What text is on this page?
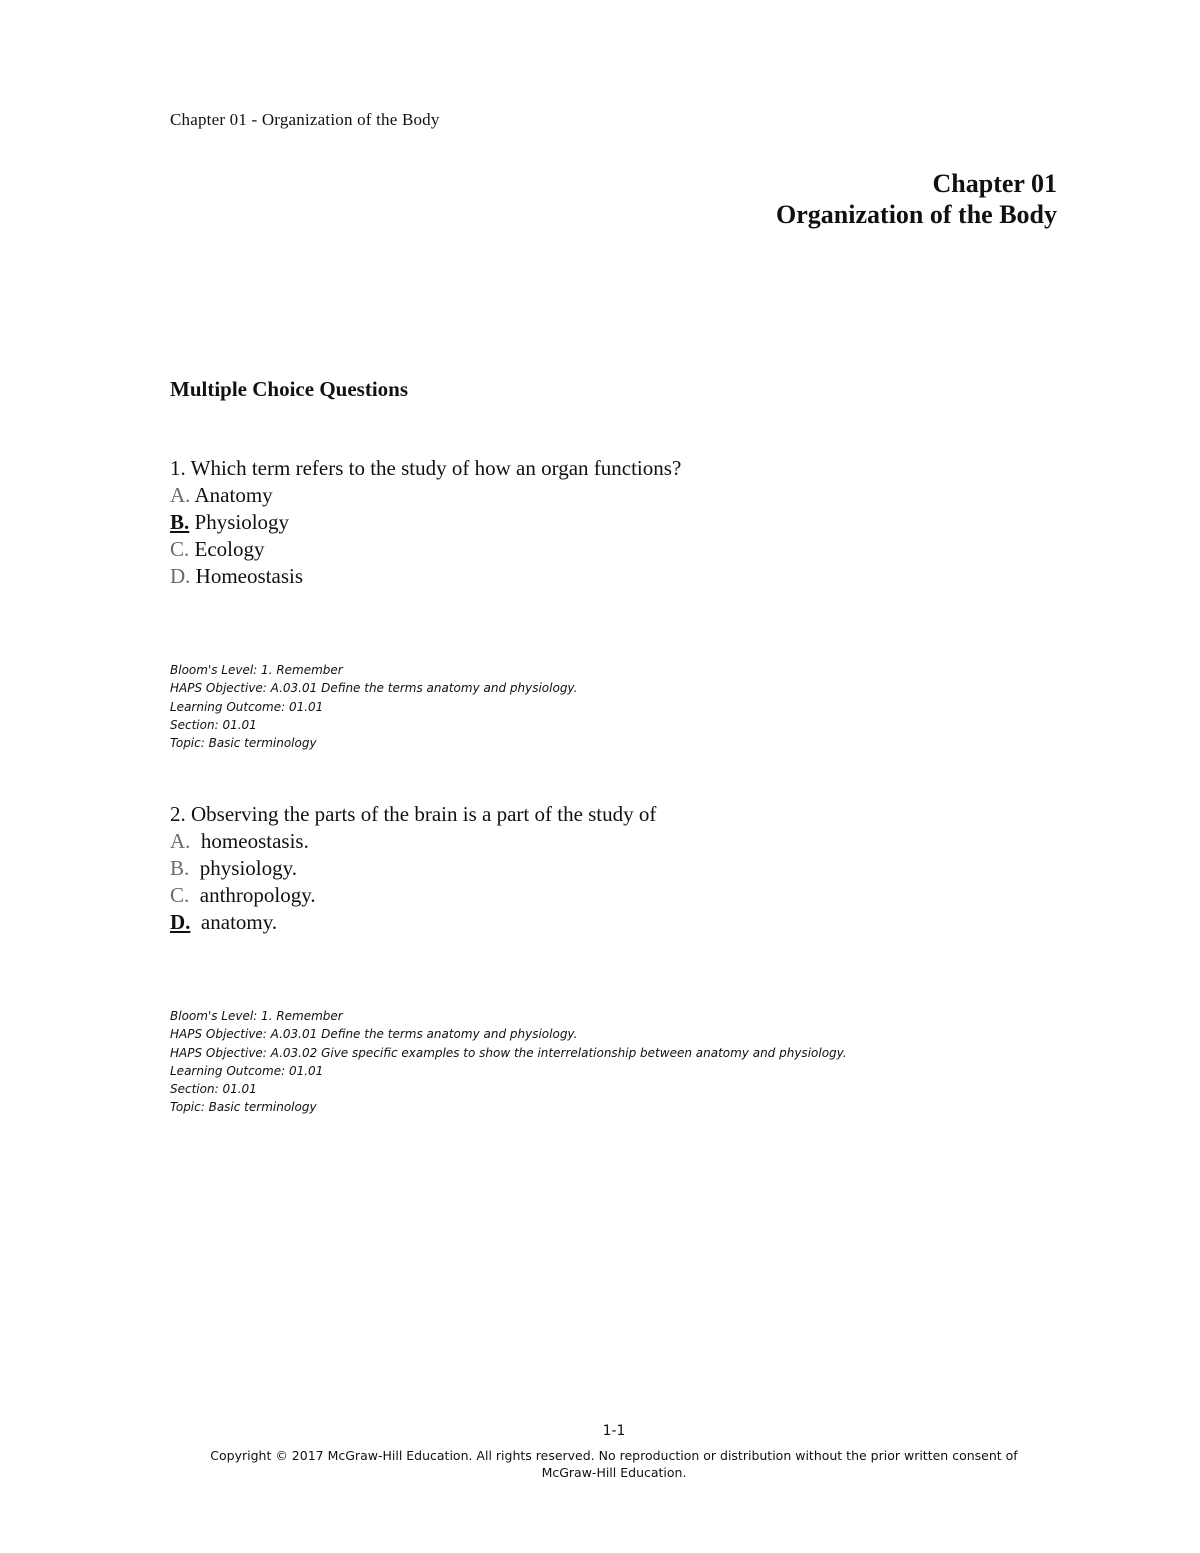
Chapter 01 - Organization of the Body
Chapter 01
Organization of the Body
Multiple Choice Questions
1. Which term refers to the study of how an organ functions?
A. Anatomy
B. Physiology
C. Ecology
D. Homeostasis
Bloom's Level: 1. Remember
HAPS Objective: A.03.01 Define the terms anatomy and physiology.
Learning Outcome: 01.01
Section: 01.01
Topic: Basic terminology
2. Observing the parts of the brain is a part of the study of
A. homeostasis.
B. physiology.
C. anthropology.
D. anatomy.
Bloom's Level: 1. Remember
HAPS Objective: A.03.01 Define the terms anatomy and physiology.
HAPS Objective: A.03.02 Give specific examples to show the interrelationship between anatomy and physiology.
Learning Outcome: 01.01
Section: 01.01
Topic: Basic terminology
1-1
Copyright © 2017 McGraw-Hill Education. All rights reserved. No reproduction or distribution without the prior written consent of McGraw-Hill Education.
